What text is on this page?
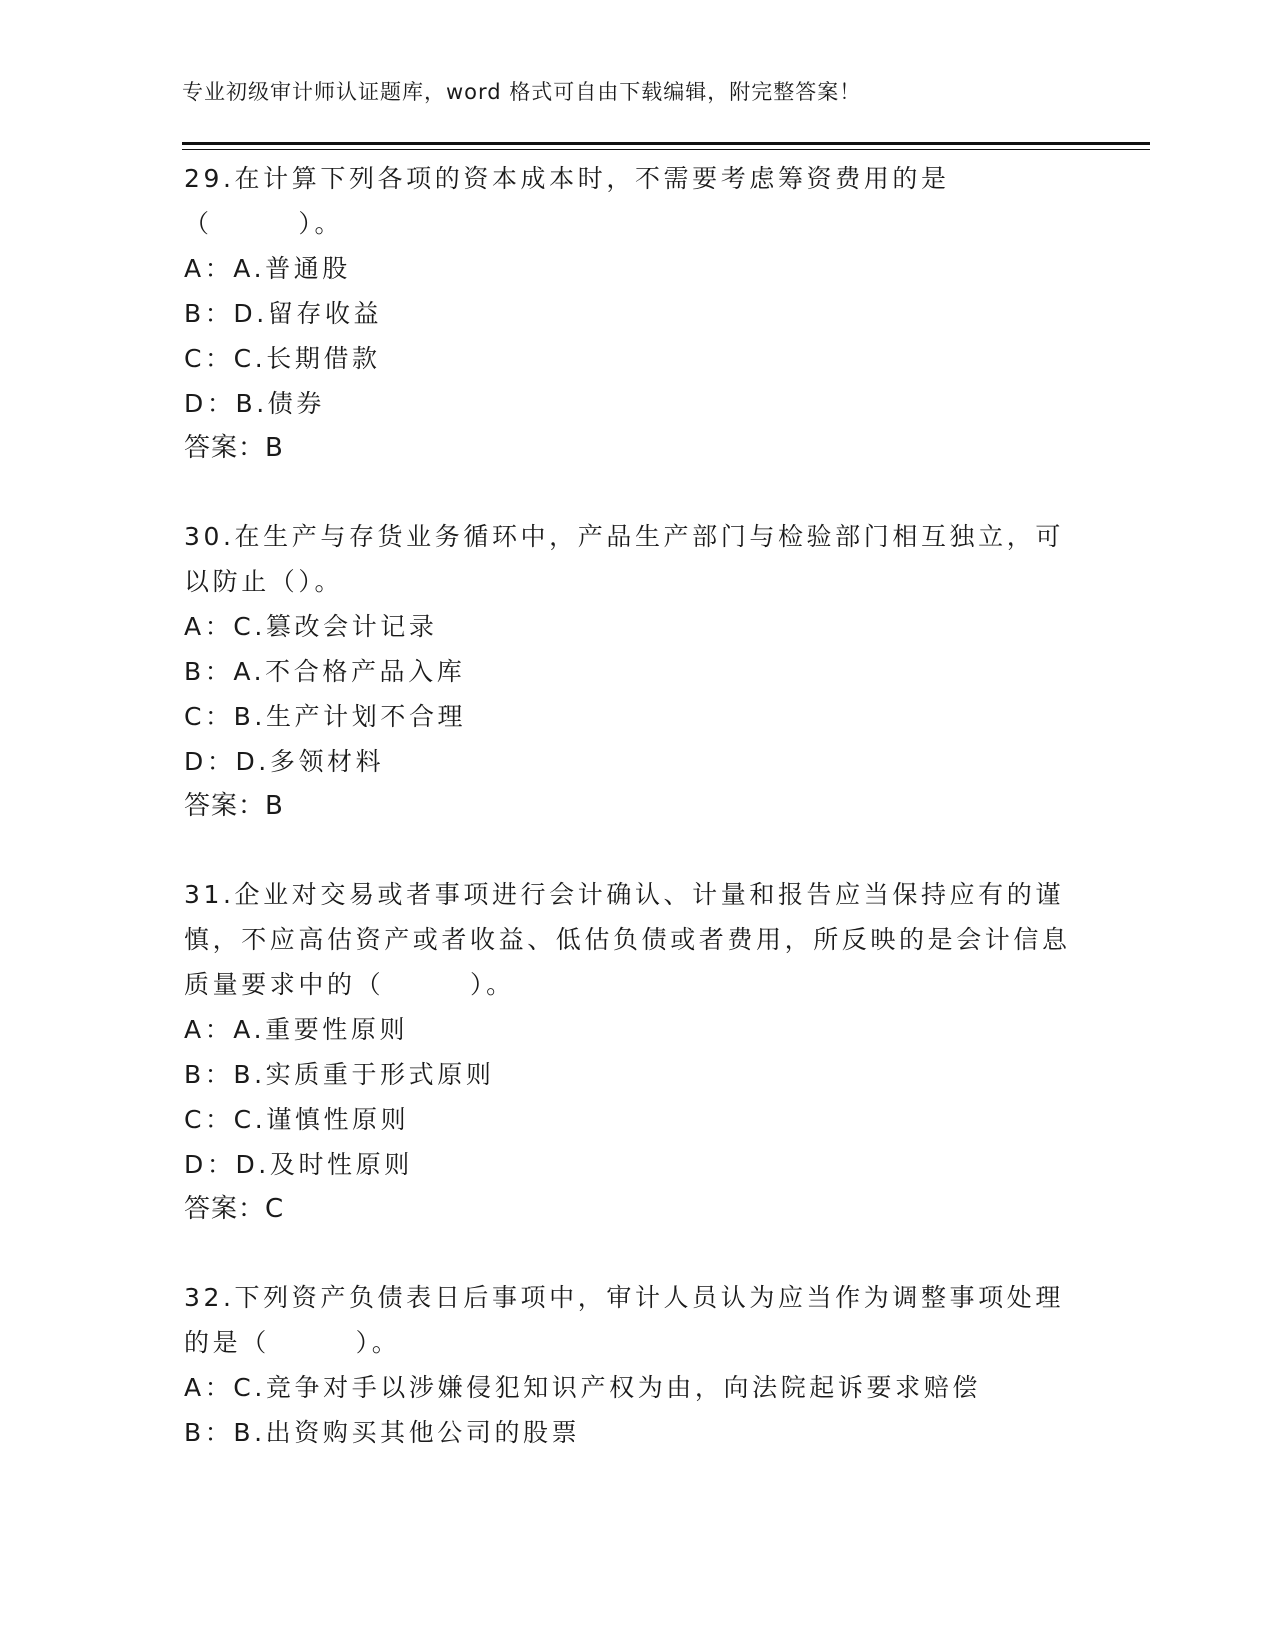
专业初级审计师认证题库，word 格式可自由下载编辑，附完整答案！

29.在计算下列各项的资本成本时，不需要考虑筹资费用的是（　　　）。

A：A.普通股

B：D.留存收益

C：C.长期借款

D：B.债券

答案：B

30.在生产与存货业务循环中，产品生产部门与检验部门相互独立，可以防止（）。

A：C.篡改会计记录

B：A.不合格产品入库

C：B.生产计划不合理

D：D.多领材料

答案：B

31.企业对交易或者事项进行会计确认、计量和报告应当保持应有的谨慎，不应高估资产或者收益、低估负债或者费用，所反映的是会计信息质量要求中的（　　　）。

A：A.重要性原则

B：B.实质重于形式原则

C：C.谨慎性原则

D：D.及时性原则

答案：C

32.下列资产负债表日后事项中，审计人员认为应当作为调整事项处理的是（　　　）。

A：C.竞争对手以涉嫌侵犯知识产权为由，向法院起诉要求赔偿

B：B.出资购买其他公司的股票
